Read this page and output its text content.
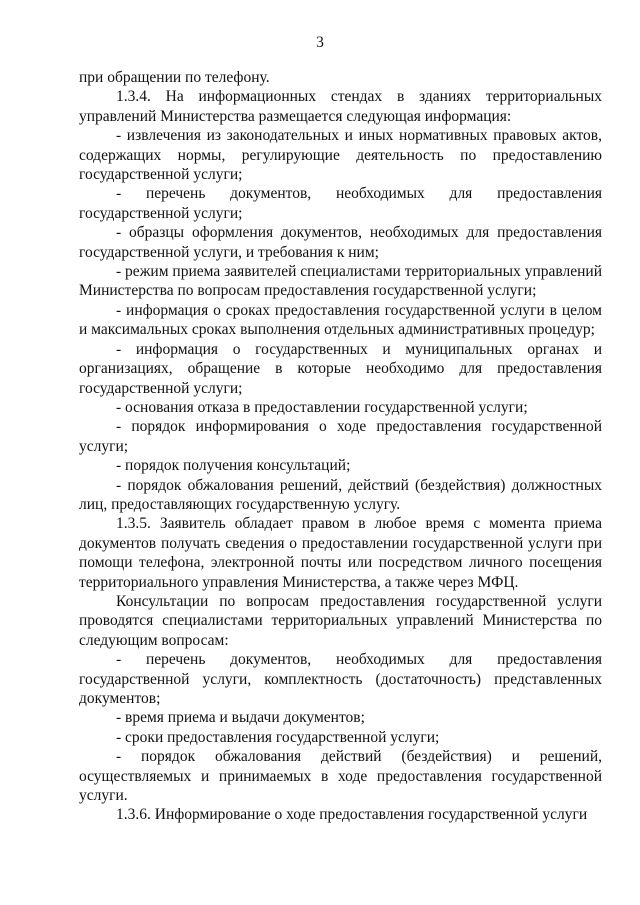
3

при обращении по телефону.

1.3.4. На информационных стендах в зданиях территориальных управлений Министерства размещается следующая информация:

- извлечения из законодательных и иных нормативных правовых актов, содержащих нормы, регулирующие деятельность по предоставлению государственной услуги;

- перечень документов, необходимых для предоставления государственной услуги;

- образцы оформления документов, необходимых для предоставления государственной услуги, и требования к ним;

- режим приема заявителей специалистами территориальных управлений Министерства по вопросам предоставления государственной услуги;

- информация о сроках предоставления государственной услуги в целом и максимальных сроках выполнения отдельных административных процедур;

- информация о государственных и муниципальных органах и организациях, обращение в которые необходимо для предоставления государственной услуги;

- основания отказа в предоставлении государственной услуги;

- порядок информирования о ходе предоставления государственной услуги;

- порядок получения консультаций;

- порядок обжалования решений, действий (бездействия) должностных лиц, предоставляющих государственную услугу.

1.3.5. Заявитель обладает правом в любое время с момента приема документов получать сведения о предоставлении государственной услуги при помощи телефона, электронной почты или посредством личного посещения территориального управления Министерства, а также через МФЦ.

Консультации по вопросам предоставления государственной услуги проводятся специалистами территориальных управлений Министерства по следующим вопросам:

- перечень документов, необходимых для предоставления государственной услуги, комплектность (достаточность) представленных документов;

- время приема и выдачи документов;

- сроки предоставления государственной услуги;

- порядок обжалования действий (бездействия) и решений, осуществляемых и принимаемых в ходе предоставления государственной услуги.

1.3.6. Информирование о ходе предоставления государственной услуги
